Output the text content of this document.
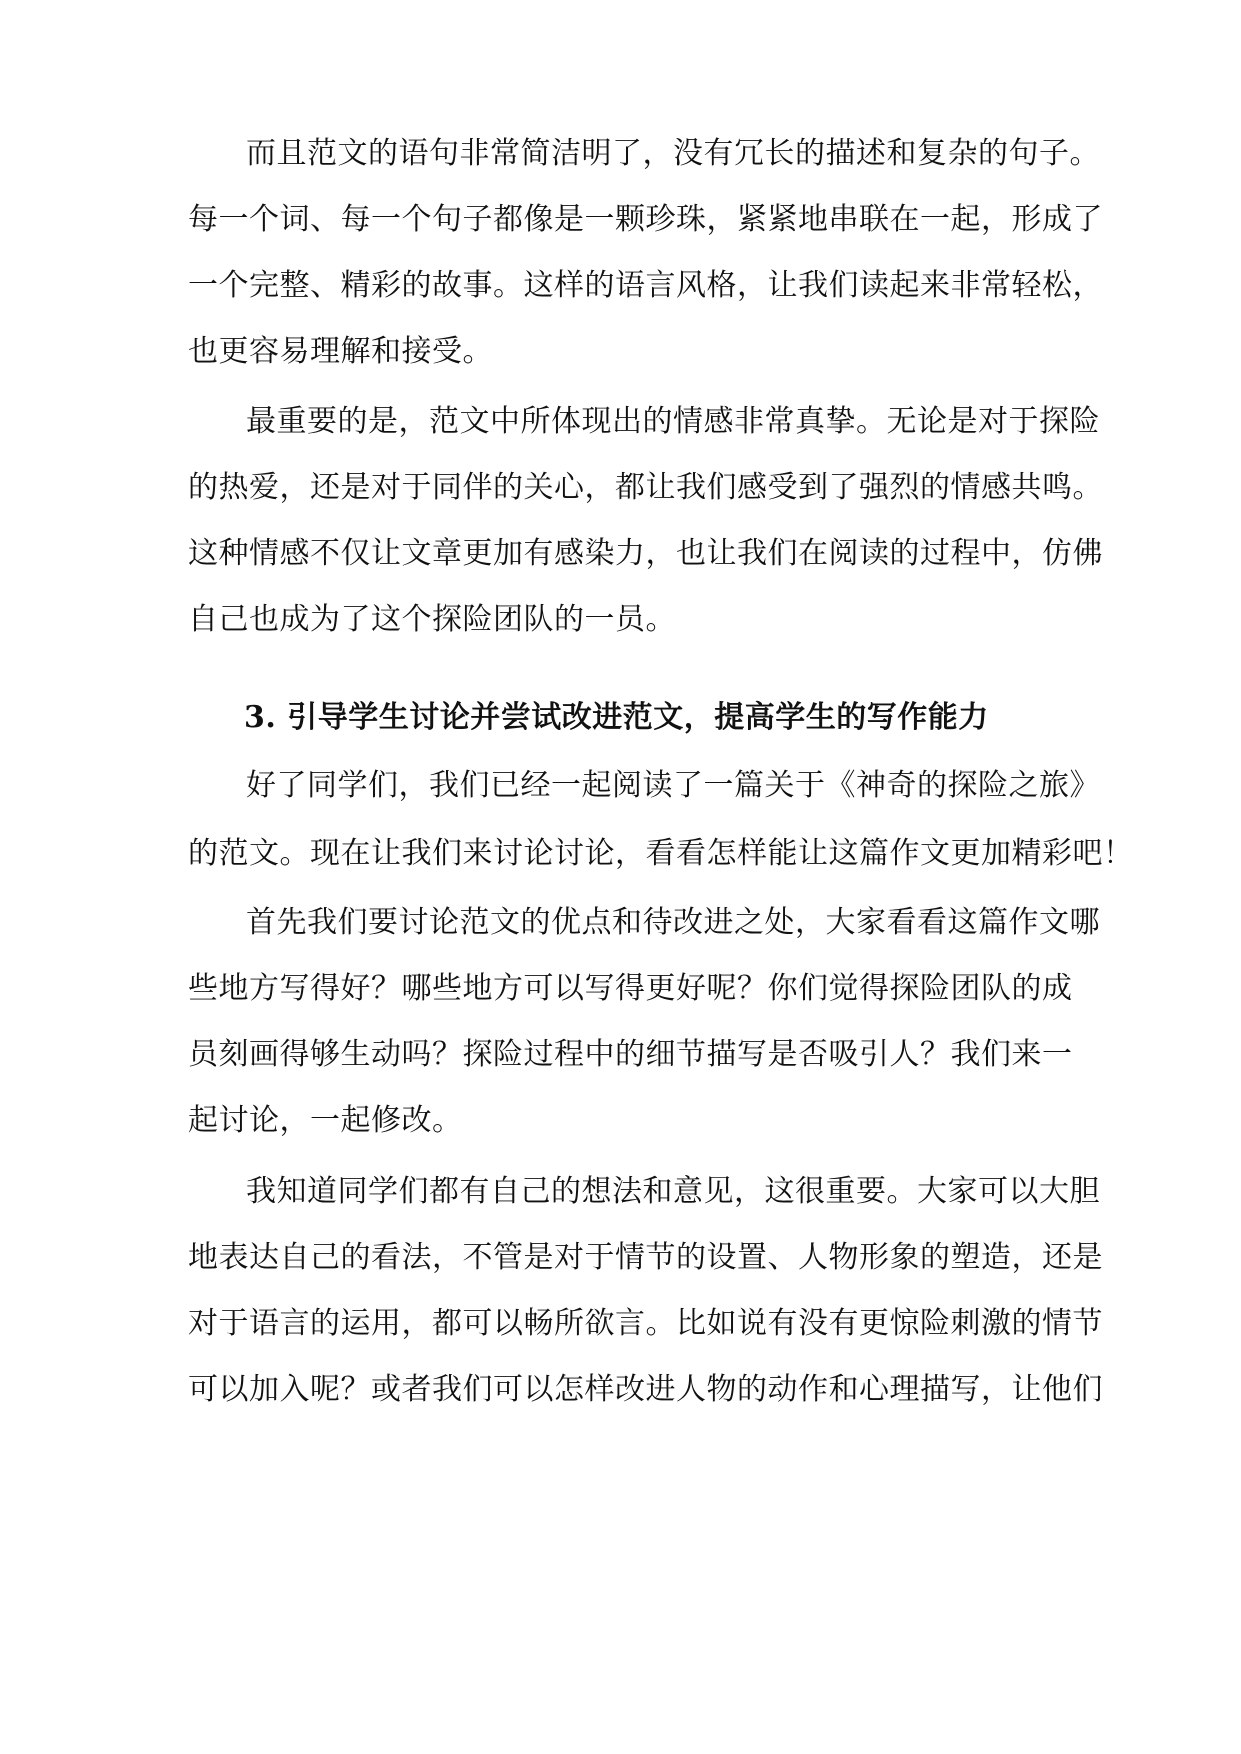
而且范文的语句非常简洁明了，没有冗长的描述和复杂的句子。
每一个词、每一个句子都像是一颗珍珠，紧紧地串联在一起，形成了
一个完整、精彩的故事。这样的语言风格，让我们读起来非常轻松，
也更容易理解和接受。
最重要的是，范文中所体现出的情感非常真挚。无论是对于探险
的热爱，还是对于同伴的关心，都让我们感受到了强烈的情感共鸣。
这种情感不仅让文章更加有感染力，也让我们在阅读的过程中，仿佛
自己也成为了这个探险团队的一员。
3. 引导学生讨论并尝试改进范文，提高学生的写作能力
好了同学们，我们已经一起阅读了一篇关于《神奇的探险之旅》
的范文。现在让我们来讨论讨论，看看怎样能让这篇作文更加精彩吧！
首先我们要讨论范文的优点和待改进之处，大家看看这篇作文哪
些地方写得好？哪些地方可以写得更好呢？你们觉得探险团队的成
员刻画得够生动吗？探险过程中的细节描写是否吸引人？我们来一
起讨论，一起修改。
我知道同学们都有自己的想法和意见，这很重要。大家可以大胆
地表达自己的看法，不管是对于情节的设置、人物形象的塑造，还是
对于语言的运用，都可以畅所欲言。比如说有没有更惊险刺激的情节
可以加入呢？或者我们可以怎样改进人物的动作和心理描写，让他们
